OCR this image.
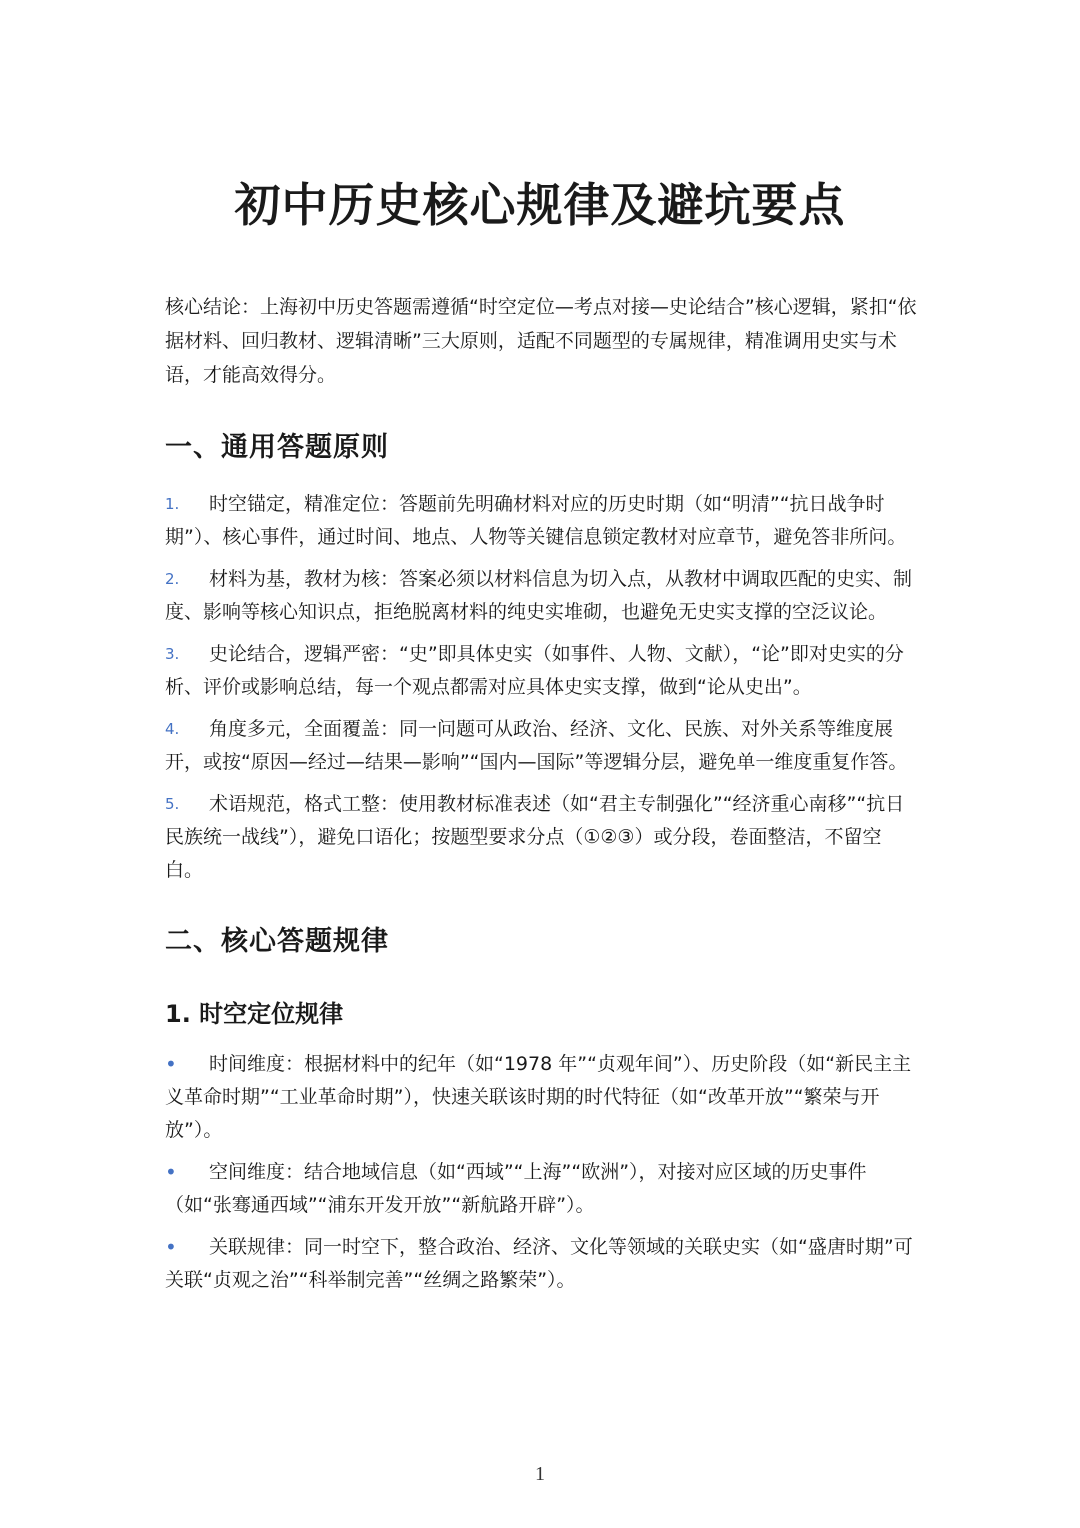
初中历史核心规律及避坑要点

核心结论：上海初中历史答题需遵循“时空定位—考点对接—史论结合”核心逻辑，紧扣“依据材料、回归教材、逻辑清晰”三大原则，适配不同题型的专属规律，精准调用史实与术语，才能高效得分。

一、通用答题原则
1. 时空锚定，精准定位：答题前先明确材料对应的历史时期（如“明清”“抗日战争时期”）、核心事件，通过时间、地点、人物等关键信息锁定教材对应章节，避免答非所问。
2. 材料为基，教材为核：答案必须以材料信息为切入点，从教材中调取匹配的史实、制度、影响等核心知识点，拒绝脱离材料的纯史实堆砌，也避免无史实支撑的空泛议论。
3. 史论结合，逻辑严密：“史”即具体史实（如事件、人物、文献），“论”即对史实的分析、评价或影响总结，每一个观点都需对应具体史实支撑，做到“论从史出”。
4. 角度多元，全面覆盖：同一问题可从政治、经济、文化、民族、对外关系等维度展开，或按“原因—经过—结果—影响”“国内—国际”等逻辑分层，避免单一维度重复作答。
5. 术语规范，格式工整：使用教材标准表述（如“君主专制强化”“经济重心南移”“抗日民族统一战线”），避免口语化；按题型要求分点（①②③）或分段，卷面整洁，不留空白。
二、核心答题规律
1. 时空定位规律
• 时间维度：根据材料中的纪年（如“1978 年”“贞观年间”）、历史阶段（如“新民主主义革命时期”“工业革命时期”），快速关联该时期的时代特征（如“改革开放”“繁荣与开放”）。
• 空间维度：结合地域信息（如“西域”“上海”“欧洲”），对接对应区域的历史事件（如“张骞通西域”“浦东开发开放”“新航路开辟”）。
• 关联规律：同一时空下，整合政治、经济、文化等领域的关联史实（如“盛唐时期”可关联“贞观之治”“科举制完善”“丝绸之路繁荣”）。
1
